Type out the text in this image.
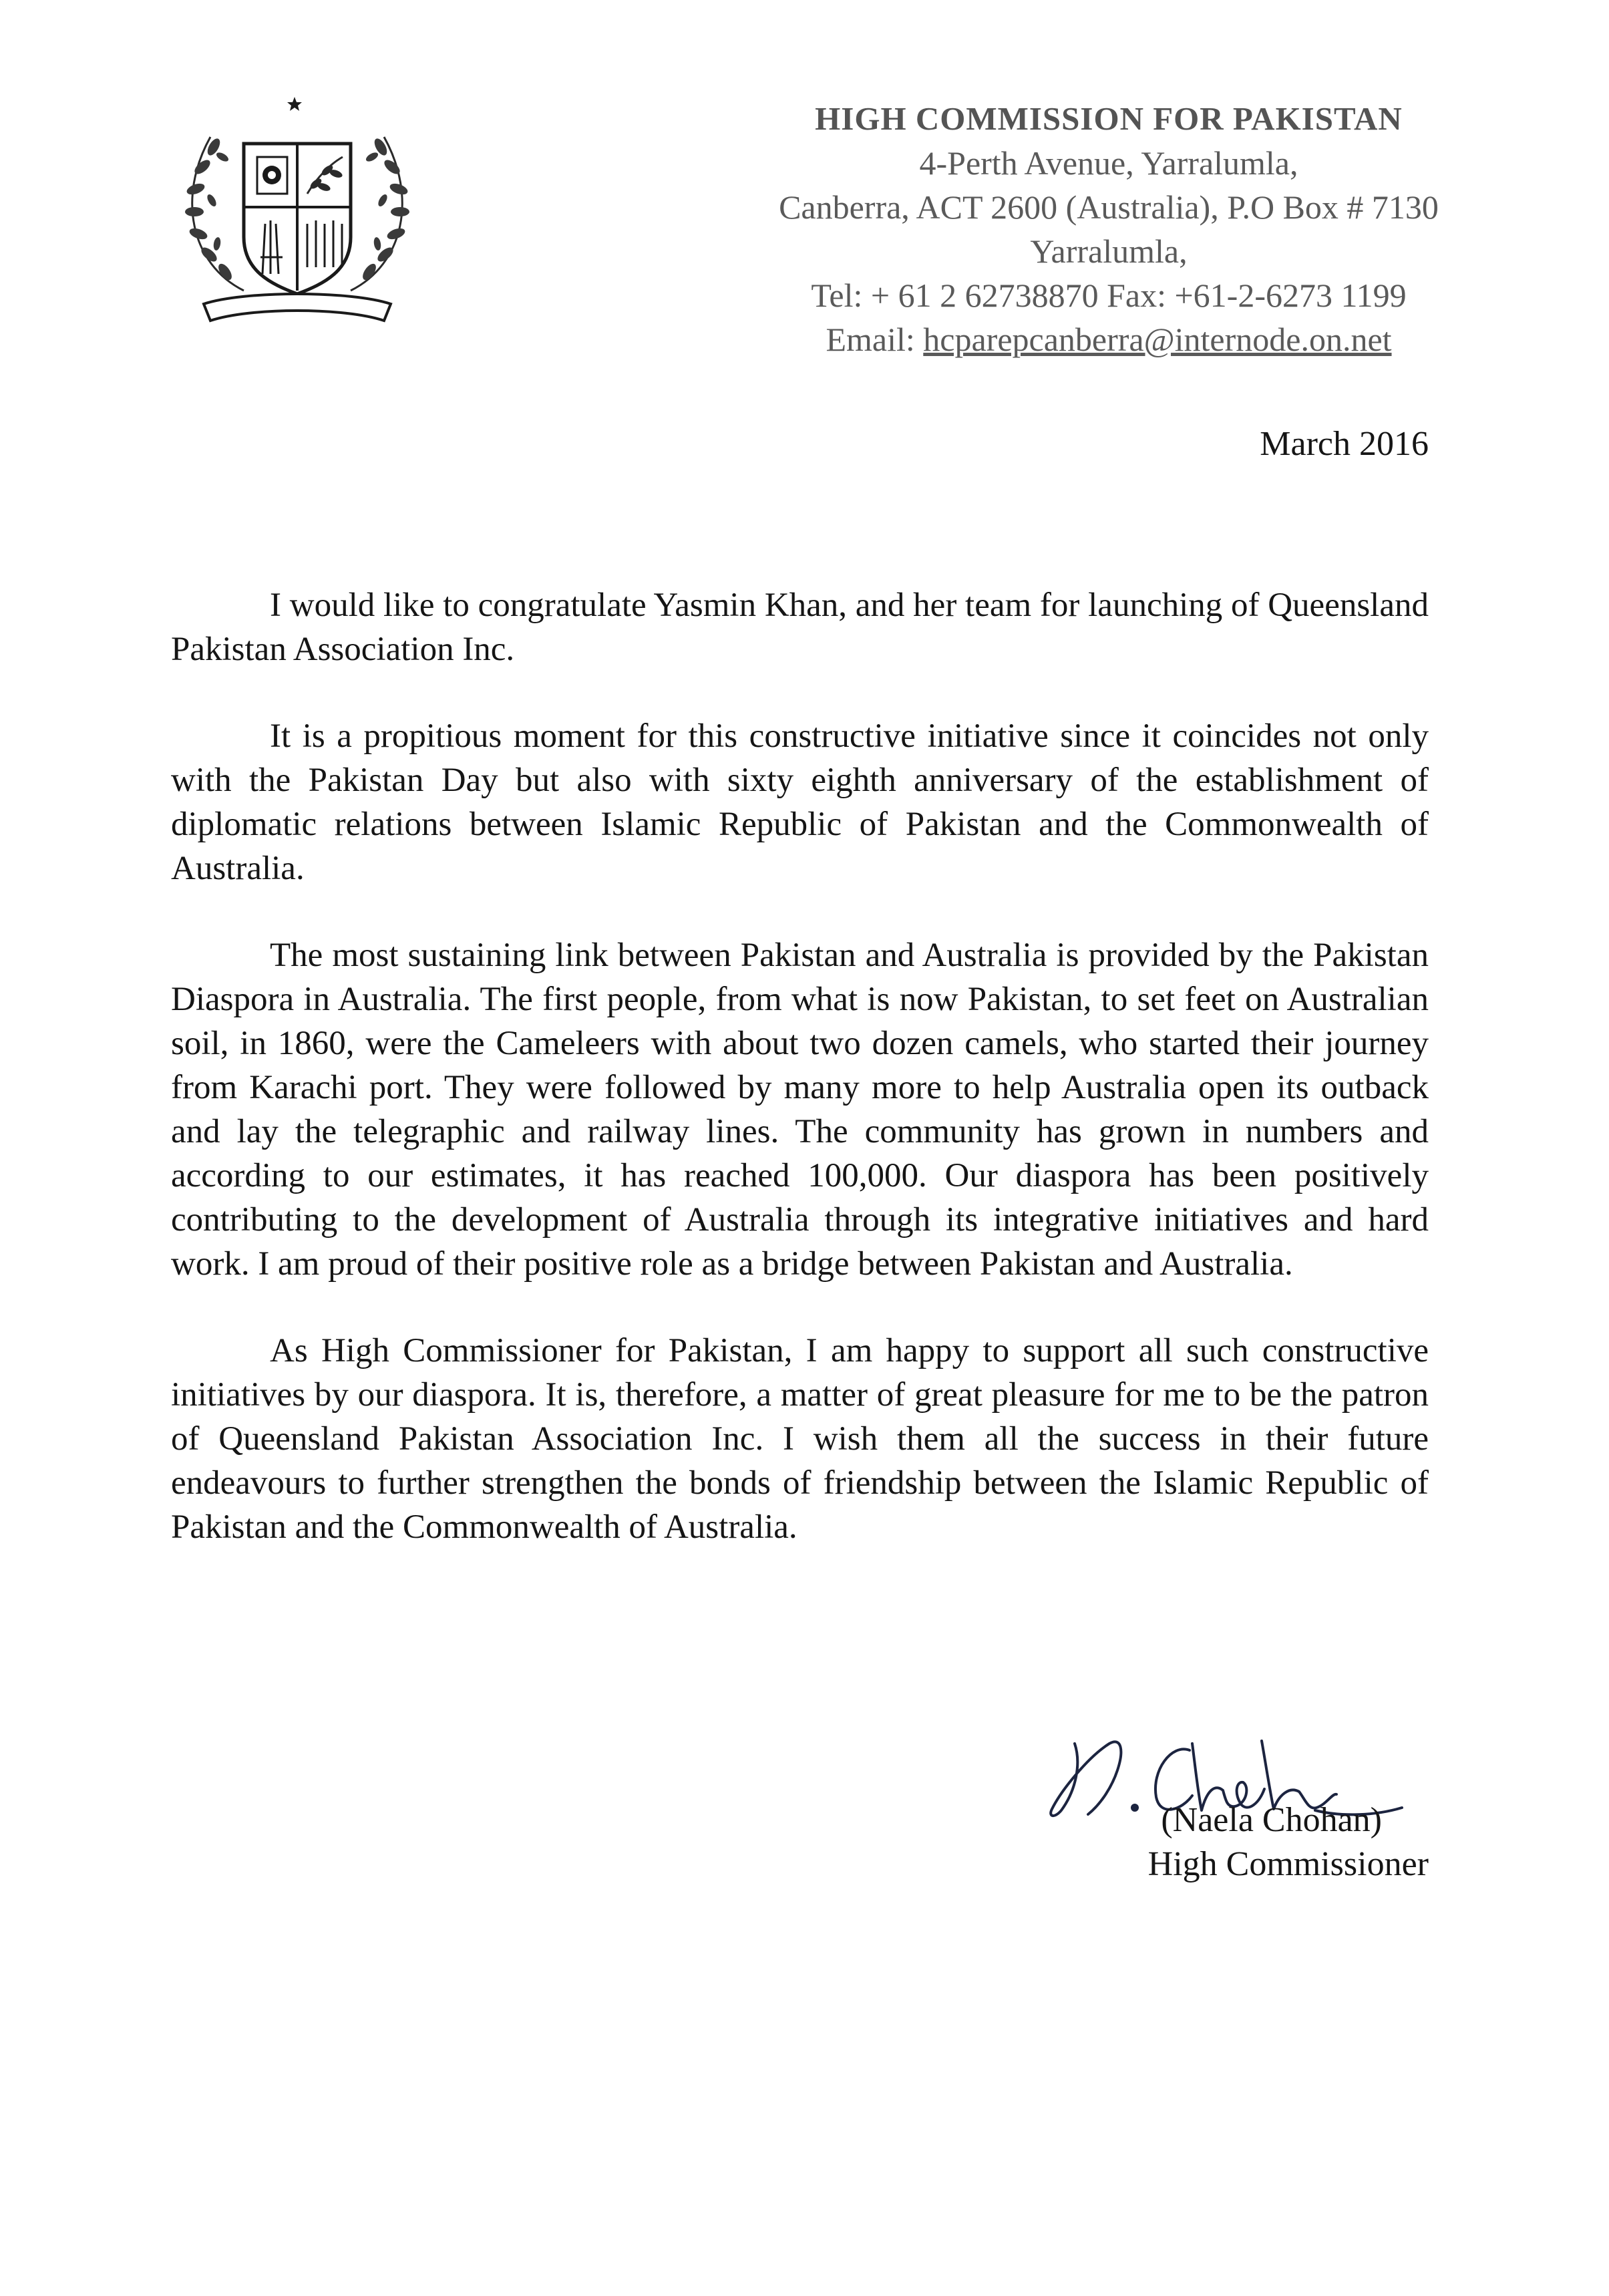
HIGH COMMISSION FOR PAKISTAN
4-Perth Avenue, Yarralumla,
Canberra, ACT 2600 (Australia), P.O Box # 7130
Yarralumla,
Tel: + 61 2 62738870 Fax: +61-2-6273 1199
Email: hcparepcanberra@internode.on.net
March 2016

I would like to congratulate Yasmin Khan, and her team for launching of Queensland Pakistan Association Inc.

It is a propitious moment for this constructive initiative since it coincides not only with the Pakistan Day but also with sixty eighth anniversary of the establishment of diplomatic relations between Islamic Republic of Pakistan and the Commonwealth of Australia.

The most sustaining link between Pakistan and Australia is provided by the Pakistan Diaspora in Australia. The first people, from what is now Pakistan, to set feet on Australian soil, in 1860, were the Cameleers with about two dozen camels, who started their journey from Karachi port. They were followed by many more to help Australia open its outback and lay the telegraphic and railway lines. The community has grown in numbers and according to our estimates, it has reached 100,000. Our diaspora has been positively contributing to the development of Australia through its integrative initiatives and hard work. I am proud of their positive role as a bridge between Pakistan and Australia.

As High Commissioner for Pakistan, I am happy to support all such constructive initiatives by our diaspora. It is, therefore, a matter of great pleasure for me to be the patron of Queensland Pakistan Association Inc. I wish them all the success in their future endeavours to further strengthen the bonds of friendship between the Islamic Republic of Pakistan and the Commonwealth of Australia.

(Naela Chohan)
High Commissioner
